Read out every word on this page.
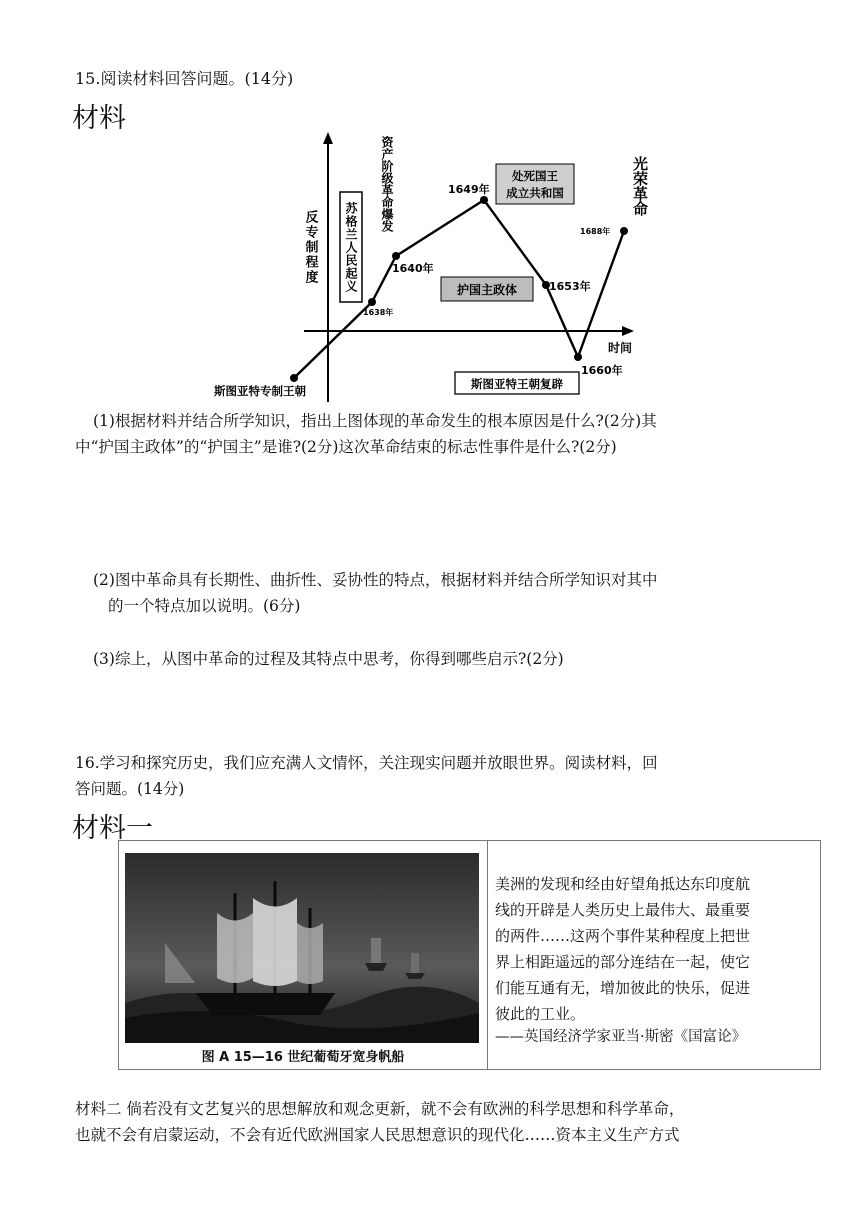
15.阅读材料回答问题。(14分)
材料
反专制程度
时间
1638年
1640年
1649年
1653年
1660年
1688年
斯图亚特专制王朝
苏格兰人民起义
资产阶级革命爆发	处死国王
成立共和国
护国主政体
斯图亚特王朝复辟
光荣革命
(1)根据材料并结合所学知识，指出上图体现的革命发生的根本原因是什么?(2分)其
中“护国主政体”的“护国主”是谁?(2分)这次革命结束的标志性事件是什么?(2分)
(2)图中革命具有长期性、曲折性、妥协性的特点，根据材料并结合所学知识对其中
的一个特点加以说明。(6分)
(3)综上，从图中革命的过程及其特点中思考，你得到哪些启示?(2分)
16.学习和探究历史，我们应充满人文情怀，关注现实问题并放眼世界。阅读材料，回
答问题。(14分)
材料一
图 A 15—16 世纪葡萄牙宽身帆船
美洲的发现和经由好望角抵达东印度航
线的开辟是人类历史上最伟大、最重要
的两件……这两个事件某种程度上把世
界上相距遥远的部分连结在一起，使它
们能互通有无，增加彼此的快乐，促进
彼此的工业。
——英国经济学家亚当·斯密《国富论》
材料二 倘若没有文艺复兴的思想解放和观念更新，就不会有欧洲的科学思想和科学革命，
也就不会有启蒙运动，不会有近代欧洲国家人民思想意识的现代化……资本主义生产方式
